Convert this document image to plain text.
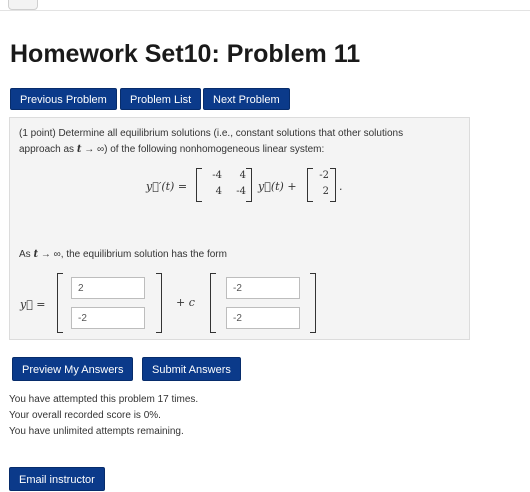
Homework Set10: Problem 11
Previous Problem	Problem List	Next Problem
(1 point) Determine all equilibrium solutions (i.e., constant solutions that other solutions
approach as t → ∞) of the following nonhomogeneous linear system:
y⃗′(t) =
-4	4
4	-4 y⃗(t) +
-2
2 .
As t → ∞, the equilibrium solution has the form
y⃗ =
2
-2	+ c
-2
-2
Preview My Answers	Submit Answers
You have attempted this problem 17 times.
Your overall recorded score is 0%.
You have unlimited attempts remaining.
Email instructor
